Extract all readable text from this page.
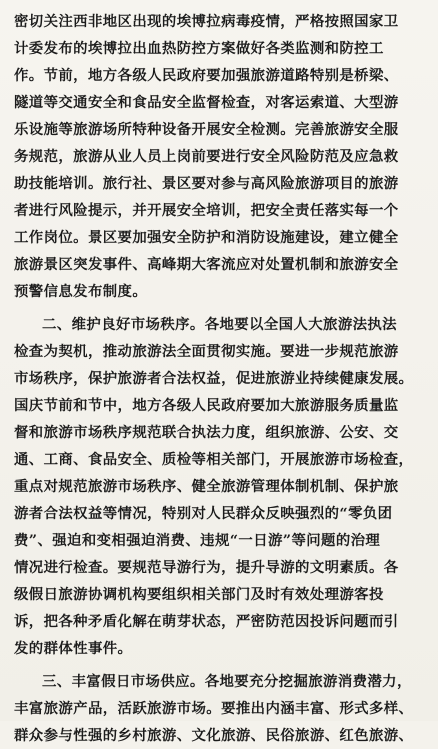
密切关注西非地区出现的埃博拉病毒疫情，严格按照国家卫
计委发布的埃博拉出血热防控方案做好各类监测和防控工
作。节前，地方各级人民政府要加强旅游道路特别是桥梁、
隧道等交通安全和食品安全监督检查，对客运索道、大型游
乐设施等旅游场所特种设备开展安全检测。完善旅游安全服
务规范，旅游从业人员上岗前要进行安全风险防范及应急救
助技能培训。旅行社、景区要对参与高风险旅游项目的旅游
者进行风险提示，并开展安全培训，把安全责任落实每一个
工作岗位。景区要加强安全防护和消防设施建设，建立健全
旅游景区突发事件、高峰期大客流应对处置机制和旅游安全
预警信息发布制度。
二、维护良好市场秩序。各地要以全国人大旅游法执法
检查为契机，推动旅游法全面贯彻实施。要进一步规范旅游
市场秩序，保护旅游者合法权益，促进旅游业持续健康发展。
国庆节前和节中，地方各级人民政府要加大旅游服务质量监
督和旅游市场秩序规范联合执法力度，组织旅游、公安、交
通、工商、食品安全、质检等相关部门，开展旅游市场检查，
重点对规范旅游市场秩序、健全旅游管理体制机制、保护旅
游者合法权益等情况，特别对人民群众反映强烈的“零负团
费”、强迫和变相强迫消费、违规“一日游”等问题的治理
情况进行检查。要规范导游行为，提升导游的文明素质。各
级假日旅游协调机构要组织相关部门及时有效处理游客投
诉，把各种矛盾化解在萌芽状态，严密防范因投诉问题而引
发的群体性事件。
三、丰富假日市场供应。各地要充分挖掘旅游消费潜力，
丰富旅游产品，活跃旅游市场。要推出内涵丰富、形式多样、
群众参与性强的乡村旅游、文化旅游、民俗旅游、红色旅游、
